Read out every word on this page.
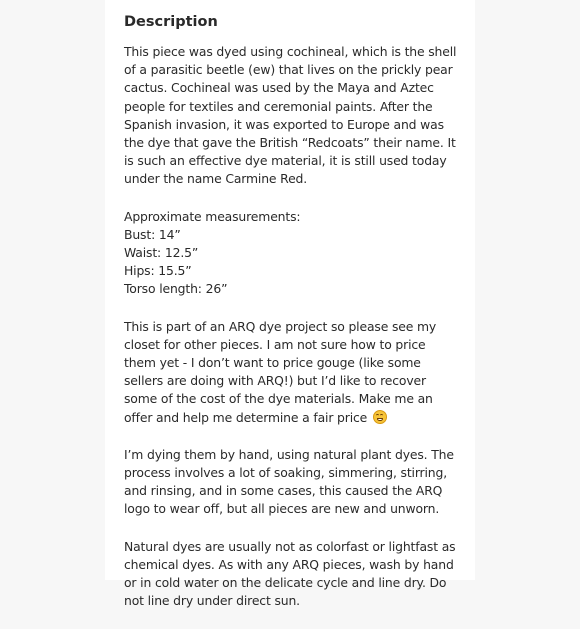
Description
This piece was dyed using cochineal, which is the shell
of a parasitic beetle (ew) that lives on the prickly pear
cactus. Cochineal was used by the Maya and Aztec
people for textiles and ceremonial paints. After the
Spanish invasion, it was exported to Europe and was
the dye that gave the British “Redcoats” their name. It
is such an effective dye material, it is still used today
under the name Carmine Red.
Approximate measurements:
Bust: 14”
Waist: 12.5”
Hips: 15.5”
Torso length: 26”
This is part of an ARQ dye project so please see my
closet for other pieces. I am not sure how to price
them yet - I don’t want to price gouge (like some
sellers are doing with ARQ!) but I’d like to recover
some of the cost of the dye materials. Make me an
offer and help me determine a fair price
I’m dying them by hand, using natural plant dyes. The
process involves a lot of soaking, simmering, stirring,
and rinsing, and in some cases, this caused the ARQ
logo to wear off, but all pieces are new and unworn.
Natural dyes are usually not as colorfast or lightfast as
chemical dyes. As with any ARQ pieces, wash by hand
or in cold water on the delicate cycle and line dry. Do
not line dry under direct sun.
